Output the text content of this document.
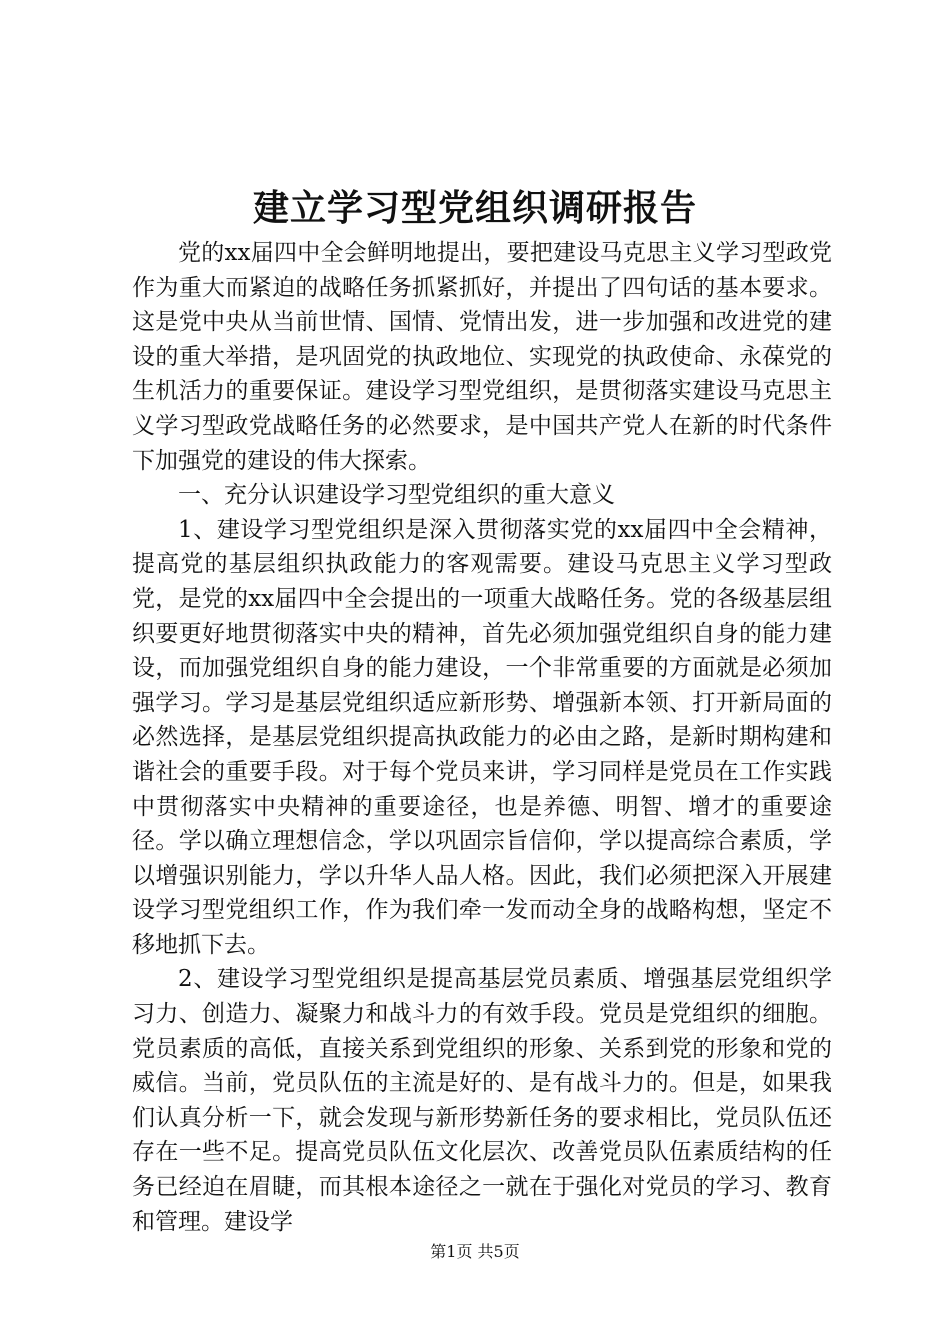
建立学习型党组织调研报告

党的xx届四中全会鲜明地提出，要把建设马克思主义学习型政党作为重大而紧迫的战略任务抓紧抓好，并提出了四句话的基本要求。这是党中央从当前世情、国情、党情出发，进一步加强和改进党的建设的重大举措，是巩固党的执政地位、实现党的执政使命、永葆党的生机活力的重要保证。建设学习型党组织，是贯彻落实建设马克思主义学习型政党战略任务的必然要求，是中国共产党人在新的时代条件下加强党的建设的伟大探索。

一、充分认识建设学习型党组织的重大意义

1、建设学习型党组织是深入贯彻落实党的xx届四中全会精神，提高党的基层组织执政能力的客观需要。建设马克思主义学习型政党，是党的xx届四中全会提出的一项重大战略任务。党的各级基层组织要更好地贯彻落实中央的精神，首先必须加强党组织自身的能力建设，而加强党组织自身的能力建设，一个非常重要的方面就是必须加强学习。学习是基层党组织适应新形势、增强新本领、打开新局面的必然选择，是基层党组织提高执政能力的必由之路，是新时期构建和谐社会的重要手段。对于每个党员来讲，学习同样是党员在工作实践中贯彻落实中央精神的重要途径，也是养德、明智、增才的重要途径。学以确立理想信念，学以巩固宗旨信仰，学以提高综合素质，学以增强识别能力，学以升华人品人格。因此，我们必须把深入开展建设学习型党组织工作，作为我们牵一发而动全身的战略构想，坚定不移地抓下去。

2、建设学习型党组织是提高基层党员素质、增强基层党组织学习力、创造力、凝聚力和战斗力的有效手段。党员是党组织的细胞。党员素质的高低，直接关系到党组织的形象、关系到党的形象和党的威信。当前，党员队伍的主流是好的、是有战斗力的。但是，如果我们认真分析一下，就会发现与新形势新任务的要求相比，党员队伍还存在一些不足。提高党员队伍文化层次、改善党员队伍素质结构的任务已经迫在眉睫，而其根本途径之一就在于强化对党员的学习、教育和管理。建设学

第1页 共5页
